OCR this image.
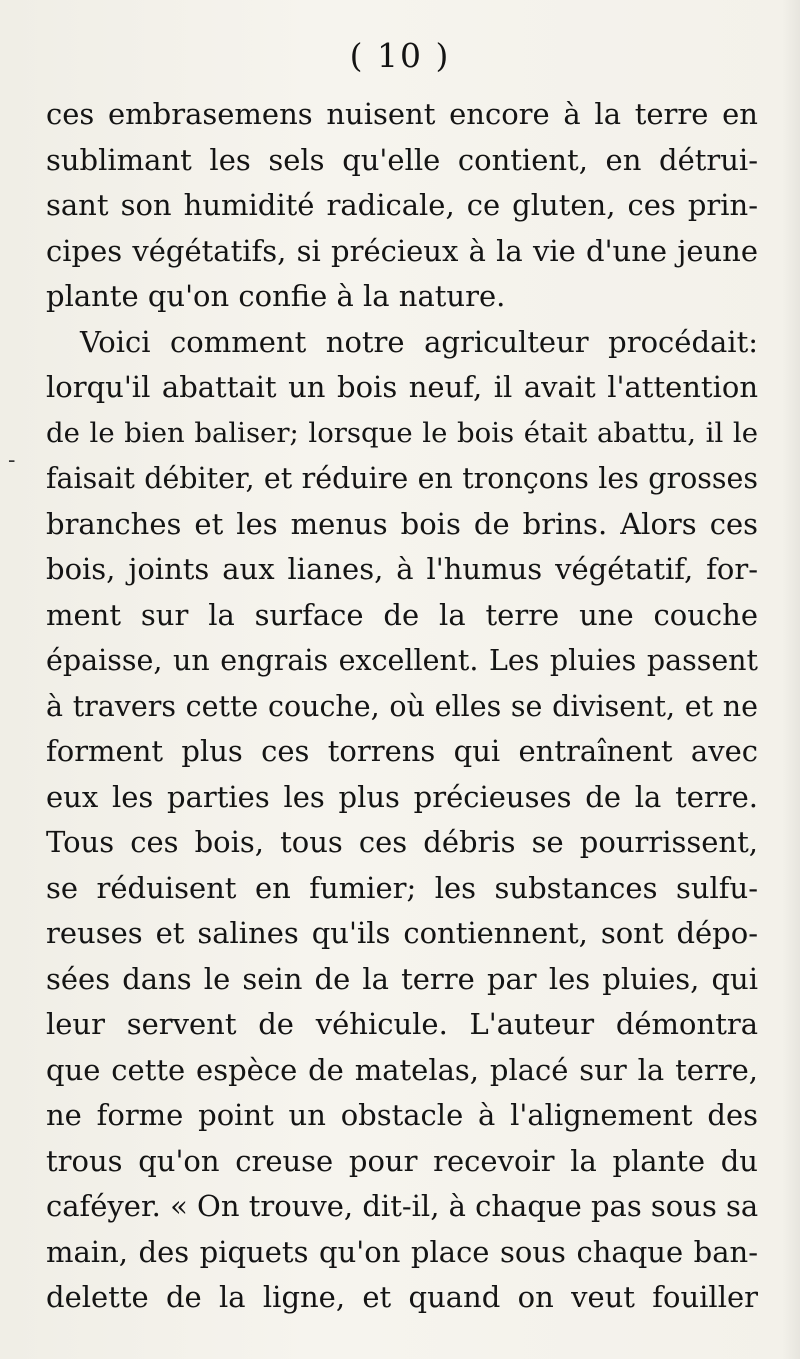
( 10 )
-
ces embrasemens nuisent encore à la terre en
sublimant les sels qu'elle contient, en détrui-
sant son humidité radicale, ce gluten, ces prin-
cipes végétatifs, si précieux à la vie d'une jeune
plante qu'on confie à la nature.
Voici comment notre agriculteur procédait:
lorqu'il abattait un bois neuf, il avait l'attention
de le bien baliser; lorsque le bois était abattu, il le
faisait débiter, et réduire en tronçons les grosses
branches et les menus bois de brins. Alors ces
bois, joints aux lianes, à l'humus végétatif, for-
ment sur la surface de la terre une couche
épaisse, un engrais excellent. Les pluies passent
à travers cette couche, où elles se divisent, et ne
forment plus ces torrens qui entraînent avec
eux les parties les plus précieuses de la terre.
Tous ces bois, tous ces débris se pourrissent,
se réduisent en fumier; les substances sulfu-
reuses et salines qu'ils contiennent, sont dépo-
sées dans le sein de la terre par les pluies, qui
leur servent de véhicule. L'auteur démontra
que cette espèce de matelas, placé sur la terre,
ne forme point un obstacle à l'alignement des
trous qu'on creuse pour recevoir la plante du
caféyer. « On trouve, dit-il, à chaque pas sous sa
main, des piquets qu'on place sous chaque ban-
delette de la ligne, et quand on veut fouiller
